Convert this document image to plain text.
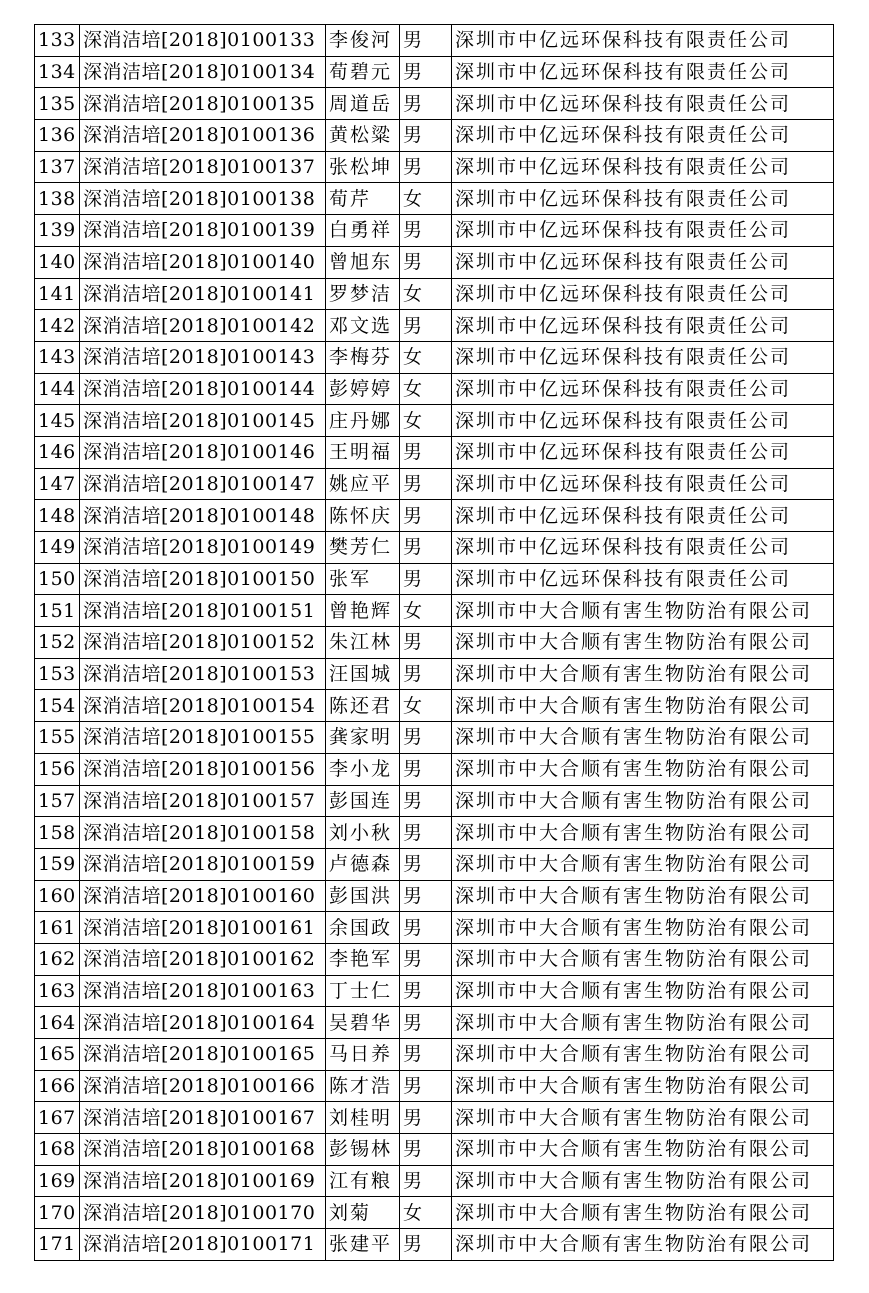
133	深消洁培[2018]0100133	李俊河	男	深圳市中亿远环保科技有限责任公司
134	深消洁培[2018]0100134	荀碧元	男	深圳市中亿远环保科技有限责任公司
135	深消洁培[2018]0100135	周道岳	男	深圳市中亿远环保科技有限责任公司
136	深消洁培[2018]0100136	黄松粱	男	深圳市中亿远环保科技有限责任公司
137	深消洁培[2018]0100137	张松坤	男	深圳市中亿远环保科技有限责任公司
138	深消洁培[2018]0100138	荀芹	女	深圳市中亿远环保科技有限责任公司
139	深消洁培[2018]0100139	白勇祥	男	深圳市中亿远环保科技有限责任公司
140	深消洁培[2018]0100140	曾旭东	男	深圳市中亿远环保科技有限责任公司
141	深消洁培[2018]0100141	罗梦洁	女	深圳市中亿远环保科技有限责任公司
142	深消洁培[2018]0100142	邓文选	男	深圳市中亿远环保科技有限责任公司
143	深消洁培[2018]0100143	李梅芬	女	深圳市中亿远环保科技有限责任公司
144	深消洁培[2018]0100144	彭婷婷	女	深圳市中亿远环保科技有限责任公司
145	深消洁培[2018]0100145	庄丹娜	女	深圳市中亿远环保科技有限责任公司
146	深消洁培[2018]0100146	王明福	男	深圳市中亿远环保科技有限责任公司
147	深消洁培[2018]0100147	姚应平	男	深圳市中亿远环保科技有限责任公司
148	深消洁培[2018]0100148	陈怀庆	男	深圳市中亿远环保科技有限责任公司
149	深消洁培[2018]0100149	樊芳仁	男	深圳市中亿远环保科技有限责任公司
150	深消洁培[2018]0100150	张军	男	深圳市中亿远环保科技有限责任公司
151	深消洁培[2018]0100151	曾艳辉	女	深圳市中大合顺有害生物防治有限公司
152	深消洁培[2018]0100152	朱江林	男	深圳市中大合顺有害生物防治有限公司
153	深消洁培[2018]0100153	汪国城	男	深圳市中大合顺有害生物防治有限公司
154	深消洁培[2018]0100154	陈还君	女	深圳市中大合顺有害生物防治有限公司
155	深消洁培[2018]0100155	龚家明	男	深圳市中大合顺有害生物防治有限公司
156	深消洁培[2018]0100156	李小龙	男	深圳市中大合顺有害生物防治有限公司
157	深消洁培[2018]0100157	彭国连	男	深圳市中大合顺有害生物防治有限公司
158	深消洁培[2018]0100158	刘小秋	男	深圳市中大合顺有害生物防治有限公司
159	深消洁培[2018]0100159	卢德森	男	深圳市中大合顺有害生物防治有限公司
160	深消洁培[2018]0100160	彭国洪	男	深圳市中大合顺有害生物防治有限公司
161	深消洁培[2018]0100161	余国政	男	深圳市中大合顺有害生物防治有限公司
162	深消洁培[2018]0100162	李艳军	男	深圳市中大合顺有害生物防治有限公司
163	深消洁培[2018]0100163	丁士仁	男	深圳市中大合顺有害生物防治有限公司
164	深消洁培[2018]0100164	吴碧华	男	深圳市中大合顺有害生物防治有限公司
165	深消洁培[2018]0100165	马日养	男	深圳市中大合顺有害生物防治有限公司
166	深消洁培[2018]0100166	陈才浩	男	深圳市中大合顺有害生物防治有限公司
167	深消洁培[2018]0100167	刘桂明	男	深圳市中大合顺有害生物防治有限公司
168	深消洁培[2018]0100168	彭锡林	男	深圳市中大合顺有害生物防治有限公司
169	深消洁培[2018]0100169	江有粮	男	深圳市中大合顺有害生物防治有限公司
170	深消洁培[2018]0100170	刘菊	女	深圳市中大合顺有害生物防治有限公司
171	深消洁培[2018]0100171	张建平	男	深圳市中大合顺有害生物防治有限公司
